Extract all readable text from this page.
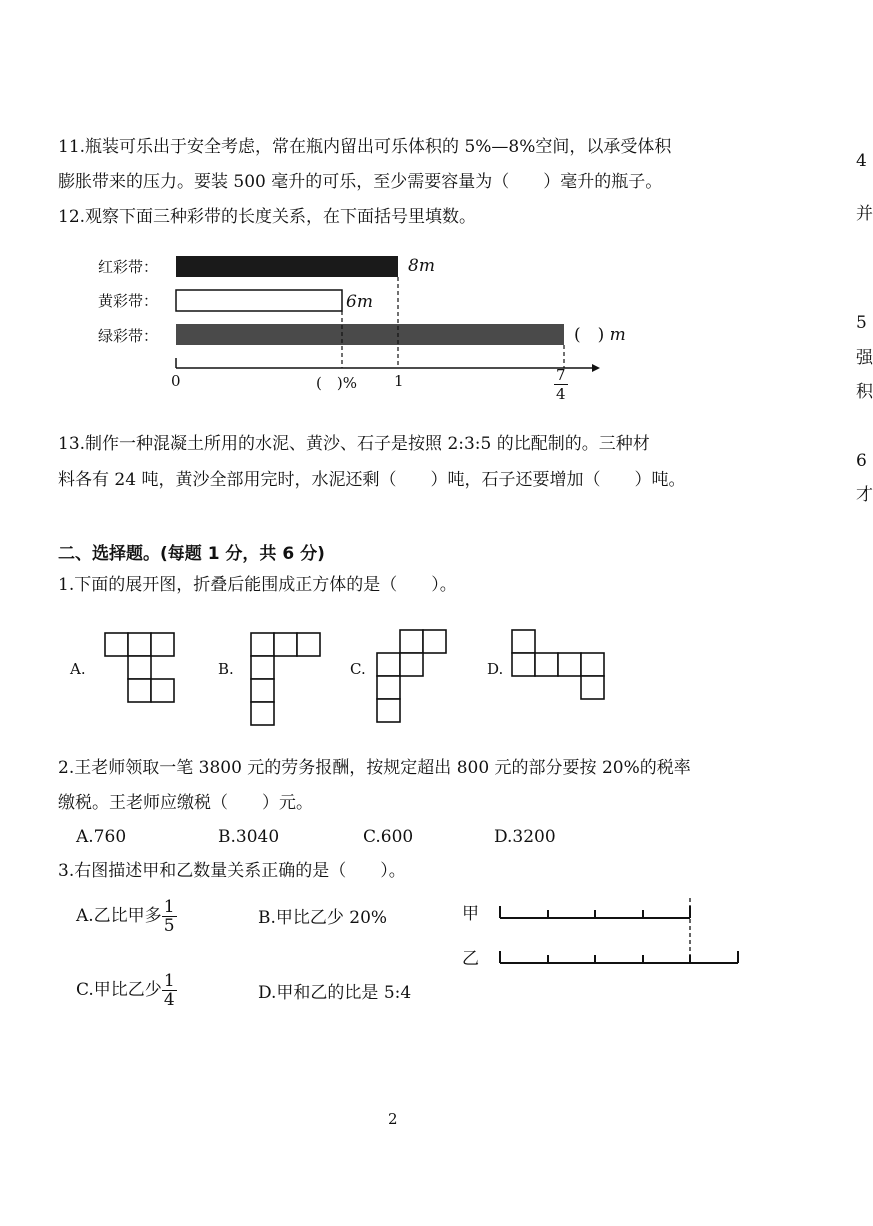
11.瓶装可乐出于安全考虑，常在瓶内留出可乐体积的 5%—8%空间，以承受体积
膨胀带来的压力。要装 500 毫升的可乐，至少需要容量为（　　）毫升的瓶子。
12.观察下面三种彩带的长度关系，在下面括号里填数。
红彩带：
黄彩带：
绿彩带：
8m
6m
(　) m
0	(　)% 1	$\frac{7}{4}$
13.制作一种混凝土所用的水泥、黄沙、石子是按照 2:3:5 的比配制的。三种材
料各有 24 吨，黄沙全部用完时，水泥还剩（　　）吨，石子还要增加（　　）吨。
二、选择题。(每题 1 分，共 6 分)
1.下面的展开图，折叠后能围成正方体的是（　　）。
A.	B.	C.	D.
2.王老师领取一笔 3800 元的劳务报酬，按规定超出 800 元的部分要按 20%的税率
缴税。王老师应缴税（　　）元。
A.760	B.3040	C.600	D.3200
3.右图描述甲和乙数量关系正确的是（　　）。
A.乙比甲多 $\frac{1}{5}$	B.甲比乙少 20%
C.甲比乙少 $\frac{1}{4}$	D.甲和乙的比是 5:4
甲
乙
2
4
并
5
强
积
6
才
